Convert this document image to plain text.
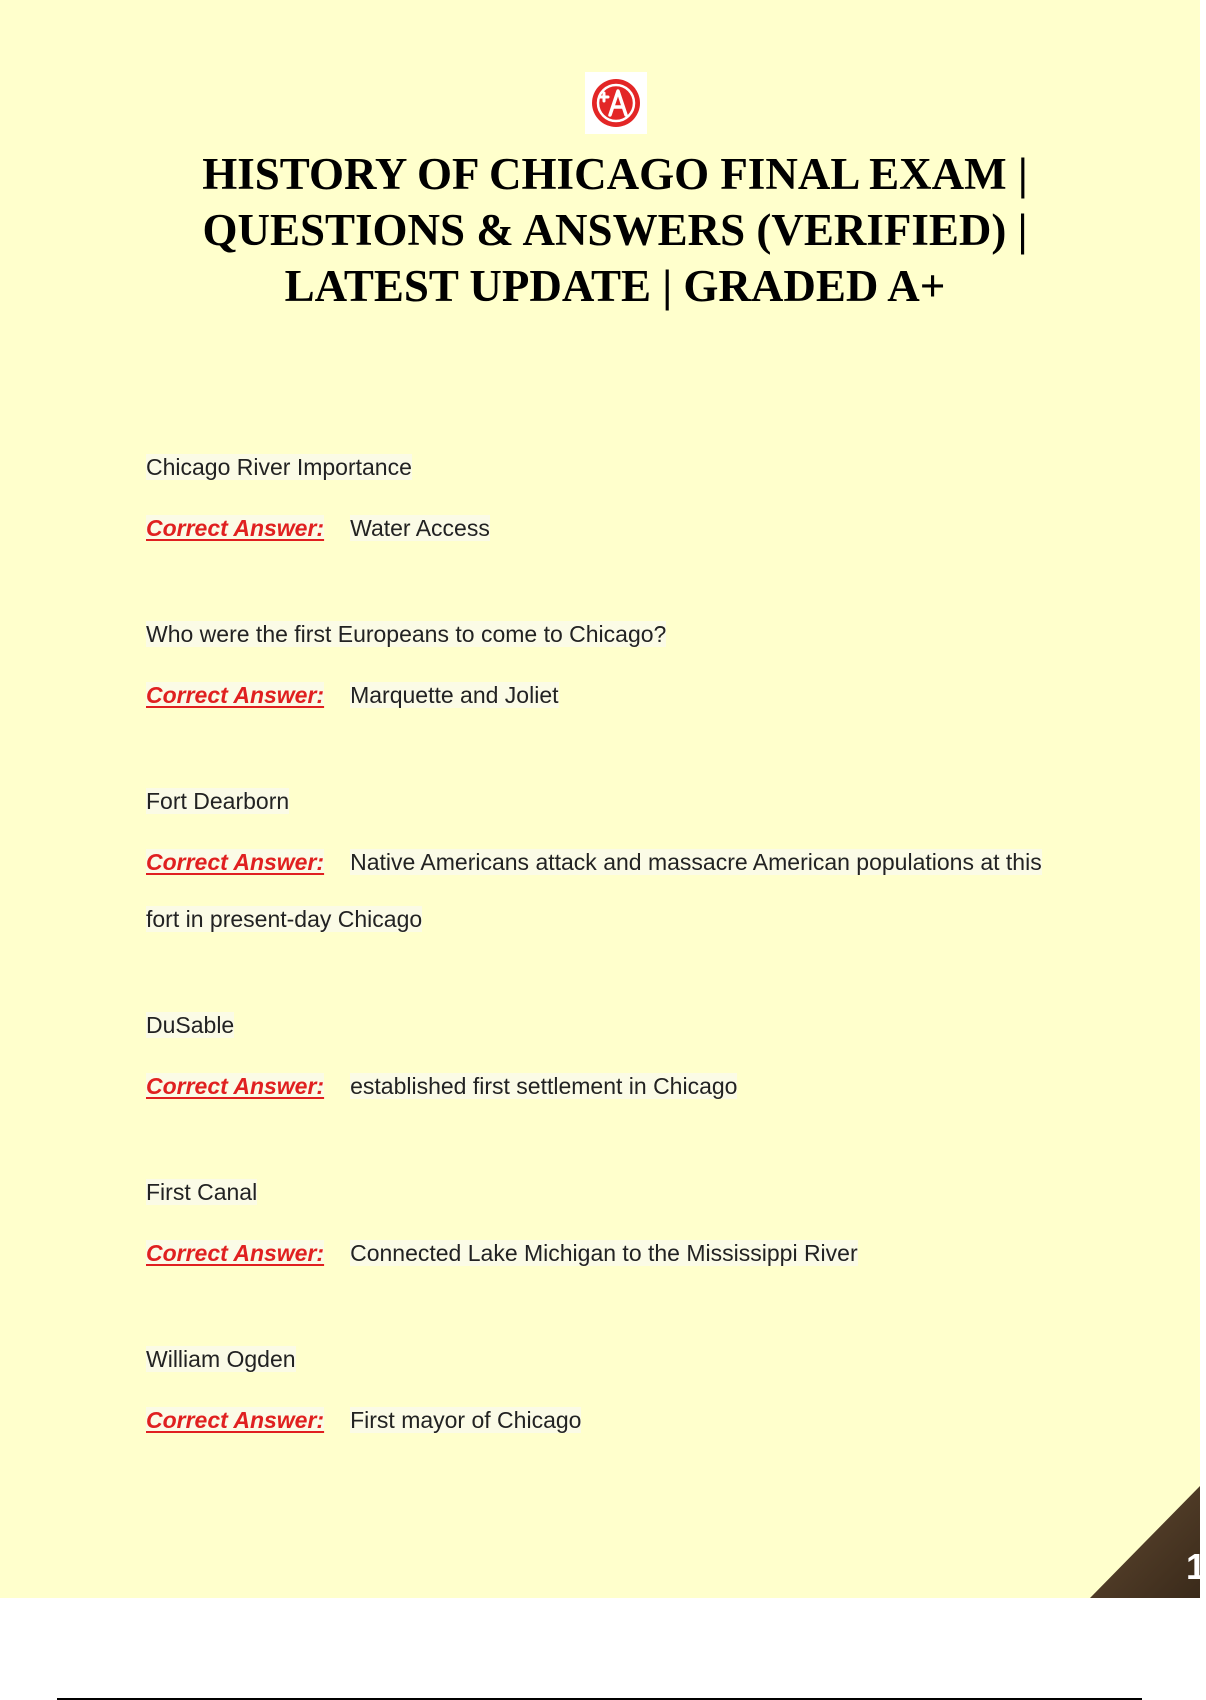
HISTORY OF CHICAGO FINAL EXAM | QUESTIONS & ANSWERS (VERIFIED) | LATEST UPDATE | GRADED A+
Chicago River Importance
Correct Answer: Water Access
Who were the first Europeans to come to Chicago?
Correct Answer: Marquette and Joliet
Fort Dearborn
Correct Answer: Native Americans attack and massacre American populations at this fort in present-day Chicago
DuSable
Correct Answer: established first settlement in Chicago
First Canal
Correct Answer: Connected Lake Michigan to the Mississippi River
William Ogden
Correct Answer: First mayor of Chicago
1
